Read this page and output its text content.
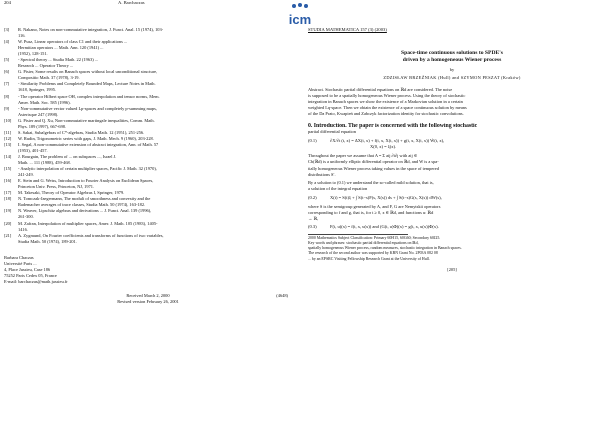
204	A. Barchaczas
[3]	R. Nakano, Notes on non-commutative integration, J. Funct. Anal. 15 (1974), 103-
116.
[4]	W. Pusz, Linear operators of class C1 and their applications ...
Hermitian operators ... Math. Ann. 120 (1941) ...
(1952), 128-151.
[5]	- Spectral theory ... Studia Math. 22 (1963) ...
Research ... Operator Theory ...
[6]	G. Pisier, Some results on Banach spaces without local unconditional structure,
Compositio Math. 37 (1978), 3-19.
[7]	- Similarity Problems and Completely Bounded Maps, Lecture Notes in Math.
1618, Springer, 1995.
[8]	- The operator Hilbert space OH, complex interpolation and tensor norms, Mem.
Amer. Math. Soc. 585 (1996).
[9]	- Non-commutative vector valued Lp-spaces and completely p-summing maps,
Asterisque 247 (1998).
[10]	G. Pisier and Q. Xu, Non-commutative martingale inequalities, Comm. Math.
Phys. 189 (1997), 667-698.
[11]	S. Sakai, Subalgebras of C*-algebras, Studia Math. 12 (1951), 251-256.
[12]	W. Rudin, Trigonometric series with gaps, J. Math. Mech. 9 (1960), 203-228.
[13]	I. Segal, A non-commutative extension of abstract integration, Ann. of Math. 57
(1953), 401-457.
[14]	J. Bourgain, The problem of ... on subspaces ..., Israel J.
Math. ... 111 (1988), 459-468.
[15]	- Analytic interpolation of certain multiplier spaces, Pacific J. Math. 32 (1970),
241-249.
[16]	E. Stein and G. Weiss, Introduction to Fourier Analysis on Euclidean Spaces,
Princeton Univ. Press, Princeton, NJ, 1971.
[17]	M. Takesaki, Theory of Operator Algebras I, Springer, 1979.
[18]	N. Tomczak-Jaegermann, The moduli of smoothness and convexity and the
Rademacher averages of trace classes, Studia Math. 50 (1974), 163-182.
[19]	N. Weaver, Lipschitz algebras and derivations ... J. Funct. Anal. 139 (1996),
261-300.
[20]	M. Zafran, Interpolation of multiplier spaces, Amer. J. Math. 105 (1983), 1405-
1416.
[21]	A. Zygmund, On Fourier coefficients and transforms of functions of two variables,
Studia Math. 50 (1974), 189-201.
Barbara Chaczas
Université Paris ...
4, Place Jussieu, Case 186
75252 Paris Cedex 05, France
E-mail: barchaczas@math.jussieu.fr
Received March 2, 2000
Revised version February 26, 2001
(4648)
icm
STUDIA MATHEMATICA 157 (3) (2003)
Space-time continuous solutions to SPDE's
driven by a homogeneous Wiener process
by
ZDZISŁAW BRZEŹNIAK (Hull) and SZYMON PESZAT (Kraków)
Abstract. Stochastic partial differential equations on ℝd are considered. The noise
is supposed to be a spatially homogeneous Wiener process. Using the theory of stochastic
integration in Banach spaces we show the existence of a Markovian solution in a certain
weighted Lq-space. Then we obtain the existence of a space continuous solution by means
of the Da Prato, Kwapień and Zabczyk factorization identity for stochastic convolutions.
0. Introduction. The paper is concerned with the following stochastic
partial differential equation
(0.1)	∂X/∂t (t, x) = ΔX(t, x) + f(t, x, X(t, x)) + g(t, x, X(t, x)) Ẇ(t, x),
X(0, x) = ξ(x).
Throughout the paper we assume that A = Σ aij ∂i∂j with aij ∈
Cb(ℝd) is a uniformly elliptic differential operator on ℝd, and W is a spa-
tially homogeneous Wiener process taking values in the space of tempered
distributions S′.
By a solution to (0.1) we understand the so-called mild solution, that is,
a solution of the integral equation
(0.2)	X(t) = S(t)ξ + ∫ S(t−s)F(s, X(s)) ds + ∫ S(t−s)G(s, X(s)) dW(s),
where S is the semigroup generated by A, and F, G are Nemytskii operators
corresponding to f and g, that is, for t ≥ 0, x ∈ ℝd, and functions u: ℝd
→ ℝ,
(0.3)	F(t, u)(x) = f(t, x, u(x)) and (G(t, u)Φ)(x) = g(t, x, u(x))Φ(x).
2000 Mathematics Subject Classification: Primary 60H15, 60G60; Secondary 60J25.
Key words and phrases: stochastic partial differential equations on ℝd,
spatially homogeneous Wiener process, random measures, stochastic integration in Banach spaces.
The research of the second author was supported by KBN Grant No. 2P03A 082 08
... by an EPSRC Visiting Fellowship Research Grant at the University of Hull.
[205]
